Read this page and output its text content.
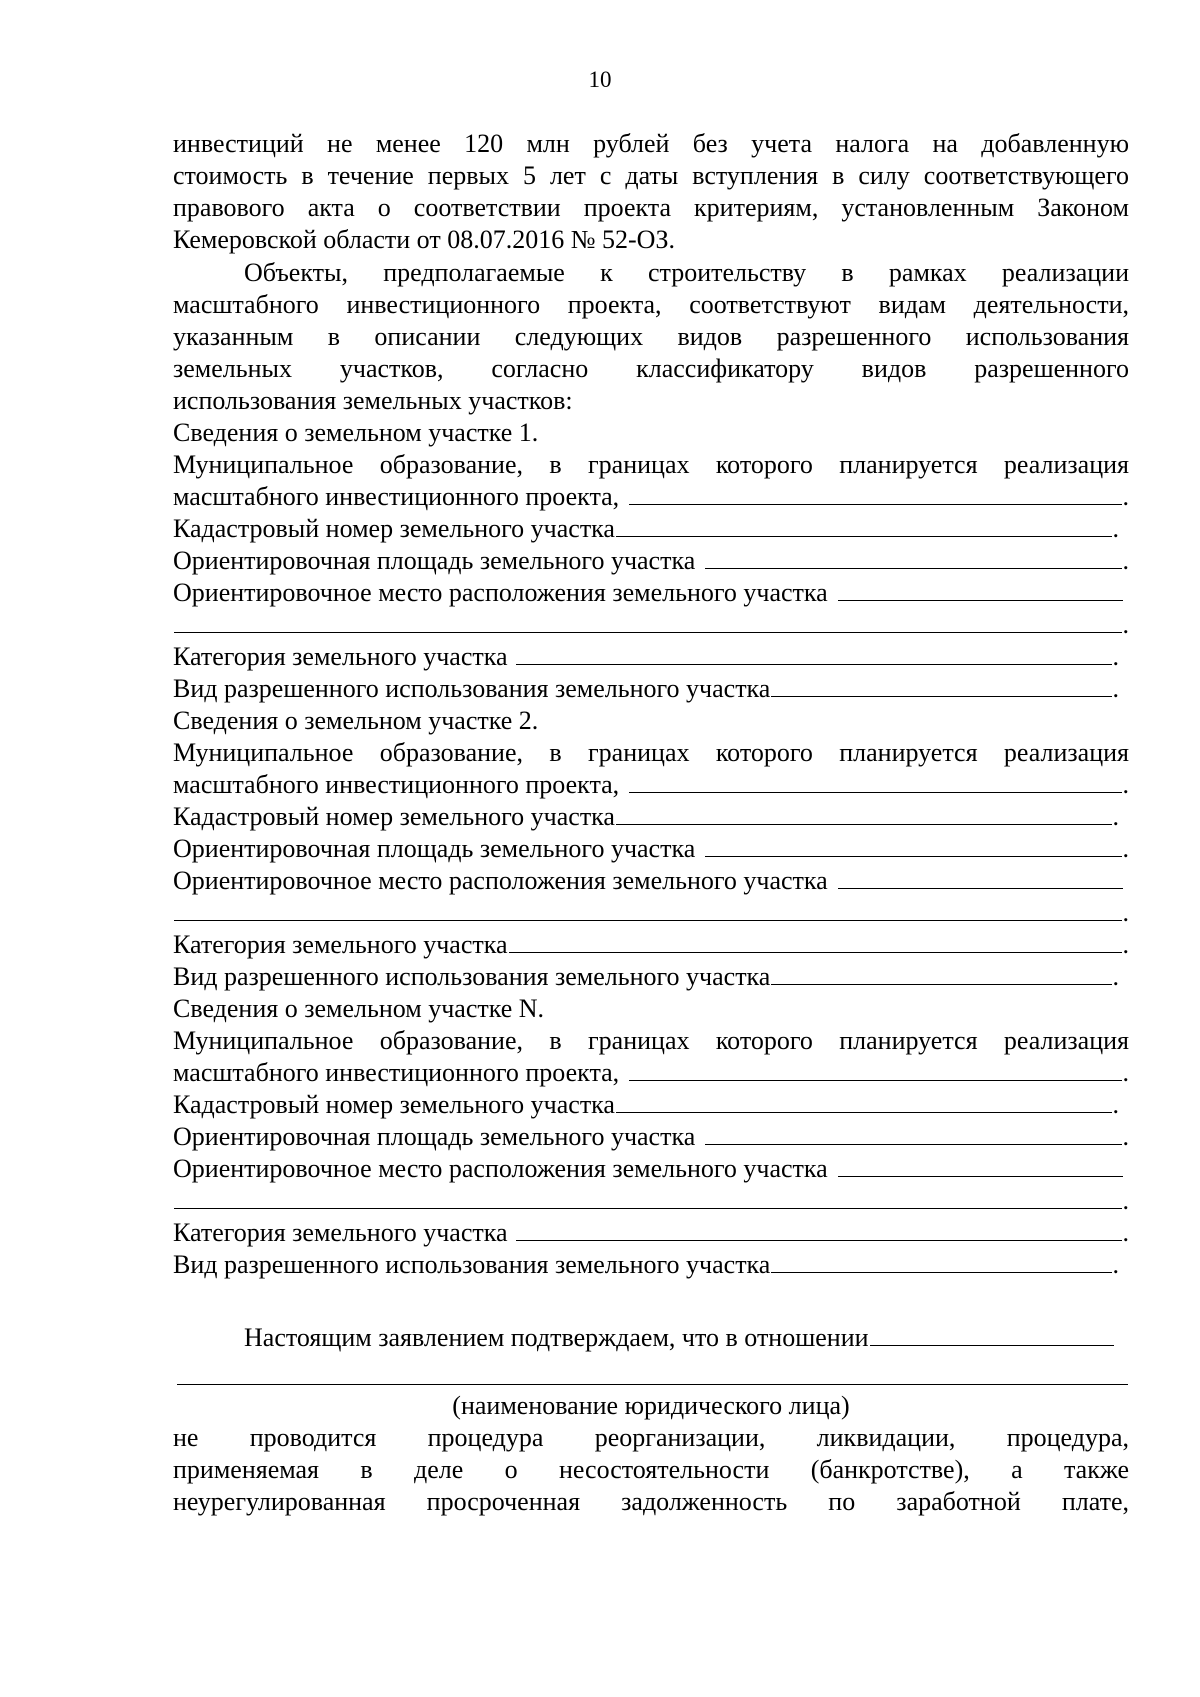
10
инвестиций не менее 120 млн рублей без учета налога на добавленную
стоимость в течение первых 5 лет с даты вступления в силу соответствующего
правового акта о соответствии проекта критериям, установленным Законом
Кемеровской области от 08.07.2016 № 52-ОЗ.
Объекты, предполагаемые к строительству в рамках реализации
масштабного инвестиционного проекта, соответствуют видам деятельности,
указанным в описании следующих видов разрешенного использования
земельных участков, согласно классификатору видов разрешенного
использования земельных участков:
Сведения о земельном участке 1.
Муниципальное образование, в границах которого планируется реализация
масштабного инвестиционного проекта,	.
Кадастровый номер земельного участка	.
Ориентировочная площадь земельного участка	.
Ориентировочное место расположения земельного участка
.
Категория земельного участка	.
Вид разрешенного использования земельного участка	.
Сведения о земельном участке 2.
Муниципальное образование, в границах которого планируется реализация
масштабного инвестиционного проекта,	.
Кадастровый номер земельного участка	.
Ориентировочная площадь земельного участка	.
Ориентировочное место расположения земельного участка
.
Категория земельного участка	.
Вид разрешенного использования земельного участка	.
Сведения о земельном участке N.
Муниципальное образование, в границах которого планируется реализация
масштабного инвестиционного проекта,	.
Кадастровый номер земельного участка	.
Ориентировочная площадь земельного участка	.
Ориентировочное место расположения земельного участка
.
Категория земельного участка	.
Вид разрешенного использования земельного участка	.
Настоящим заявлением подтверждаем, что в отношении
(наименование юридического лица)
не проводится процедура реорганизации, ликвидации, процедура,
применяемая в деле о несостоятельности (банкротстве), а также
неурегулированная просроченная задолженность по заработной плате,
